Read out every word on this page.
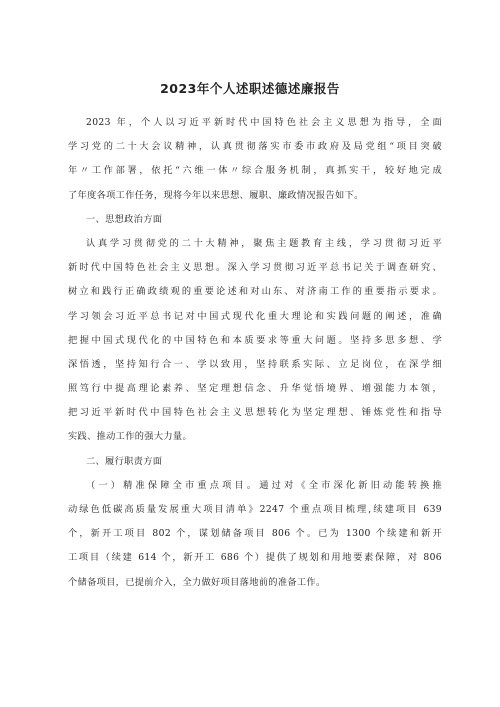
2023年个人述职述德述廉报告
2023 年，个人以习近平新时代中国特色社会主义思想为指导，全面
学习党的二十大会议精神，认真贯彻落实市委市政府及局党组“项目突破
年〃工作部署，依托“六维一体〃综合服务机制，真抓实干，较好地完成
了年度各项工作任务，现将今年以来思想、履职、廉政情况报告如下。
一、思想政治方面
认真学习贯彻党的二十大精神，聚焦主题教育主线，学习贯彻习近平
新时代中国特色社会主义思想。深入学习贯彻习近平总书记关于调查研究、
树立和践行正确政绩观的重要论述和对山东、对济南工作的重要指示要求。
学习领会习近平总书记对中国式现代化重大理论和实践问题的阐述，准确
把握中国式现代化的中国特色和本质要求等重大问题。坚持多思多想、学
深悟透，坚持知行合一、学以致用，坚持联系实际、立足岗位，在深学细
照笃行中提高理论素养、坚定理想信念、升华觉悟境界、增强能力本领，
把习近平新时代中国特色社会主义思想转化为坚定理想、锤炼党性和指导
实践、推动工作的强大力量。
二、履行职责方面
（一）精准保障全市重点项目。通过对《全市深化新旧动能转换推
动绿色低碳高质量发展重大项目清单》2247 个重点项目梳理,续建项目 639
个，新开工项目 802 个，谋划储备项目 806 个。已为 1300 个续建和新开
工项目（续建 614 个，新开工 686 个）提供了规划和用地要素保障，对 806
个储备项目，已提前介入，全力做好项目落地前的准备工作。
